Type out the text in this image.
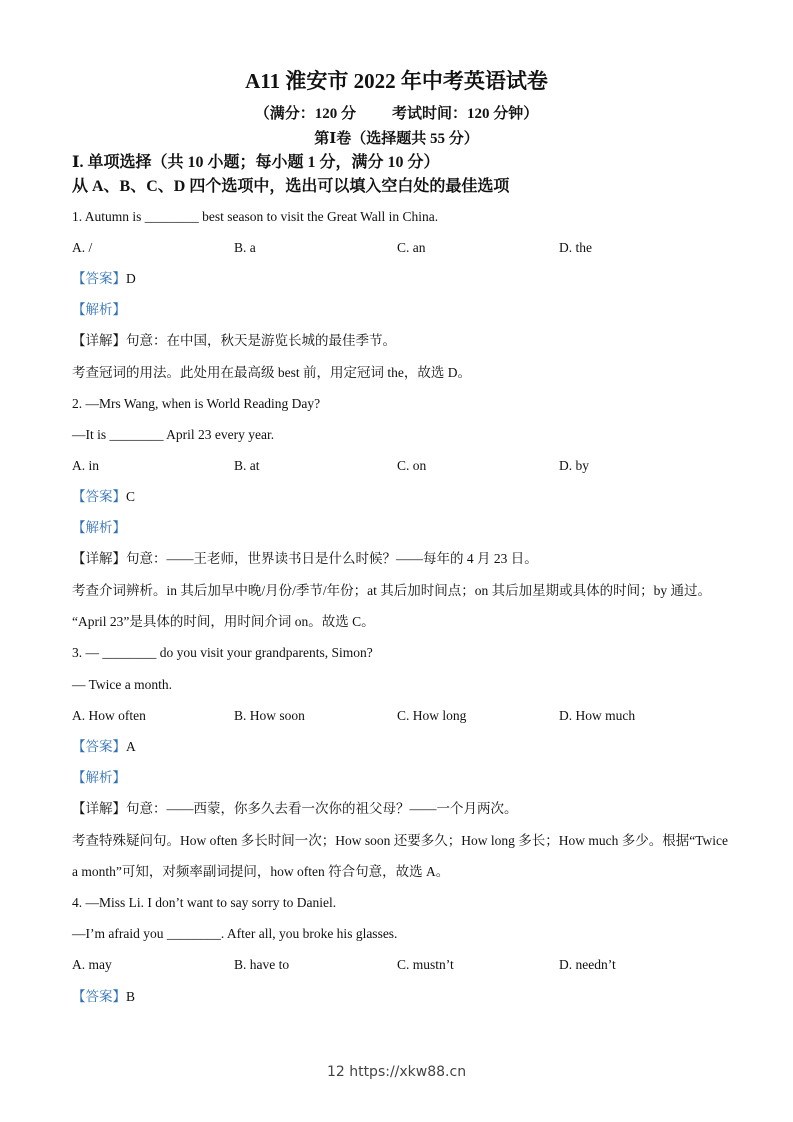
A11 淮安市 2022 年中考英语试卷
（满分：120 分 考试时间：120 分钟）
第Ⅰ卷（选择题共 55 分）
Ⅰ. 单项选择（共 10 小题；每小题 1 分，满分 10 分）
从 A、B、C、D 四个选项中，选出可以填入空白处的最佳选项
1. Autumn is ________ best season to visit the Great Wall in China.
A. /	B. a	C. an	D. the
【答案】D
【解析】
【详解】句意：在中国，秋天是游览长城的最佳季节。
考查冠词的用法。此处用在最高级 best 前，用定冠词 the，故选 D。
2. —Mrs Wang, when is World Reading Day?
—It is ________ April 23 every year.
A. in	B. at	C. on	D. by
【答案】C
【解析】
【详解】句意：——王老师，世界读书日是什么时候？——每年的 4 月 23 日。
考查介词辨析。in 其后加早中晚/月份/季节/年份；at 其后加时间点；on 其后加星期或具体的时间；by 通过。
“April 23”是具体的时间，用时间介词 on。故选 C。
3. — ________ do you visit your grandparents, Simon?
— Twice a month.
A. How often	B. How soon	C. How long	D. How much
【答案】A
【解析】
【详解】句意：——西蒙，你多久去看一次你的祖父母？——一个月两次。
考查特殊疑问句。How often 多长时间一次；How soon 还要多久；How long 多长；How much 多少。根据“Twice
a month”可知，对频率副词提问，how often 符合句意，故选 A。
4. —Miss Li. I don’t want to say sorry to Daniel.
—I’m afraid you ________. After all, you broke his glasses.
A. may	B. have to	C. mustn’t	D. needn’t
【答案】B
12 https://xkw88.cn
